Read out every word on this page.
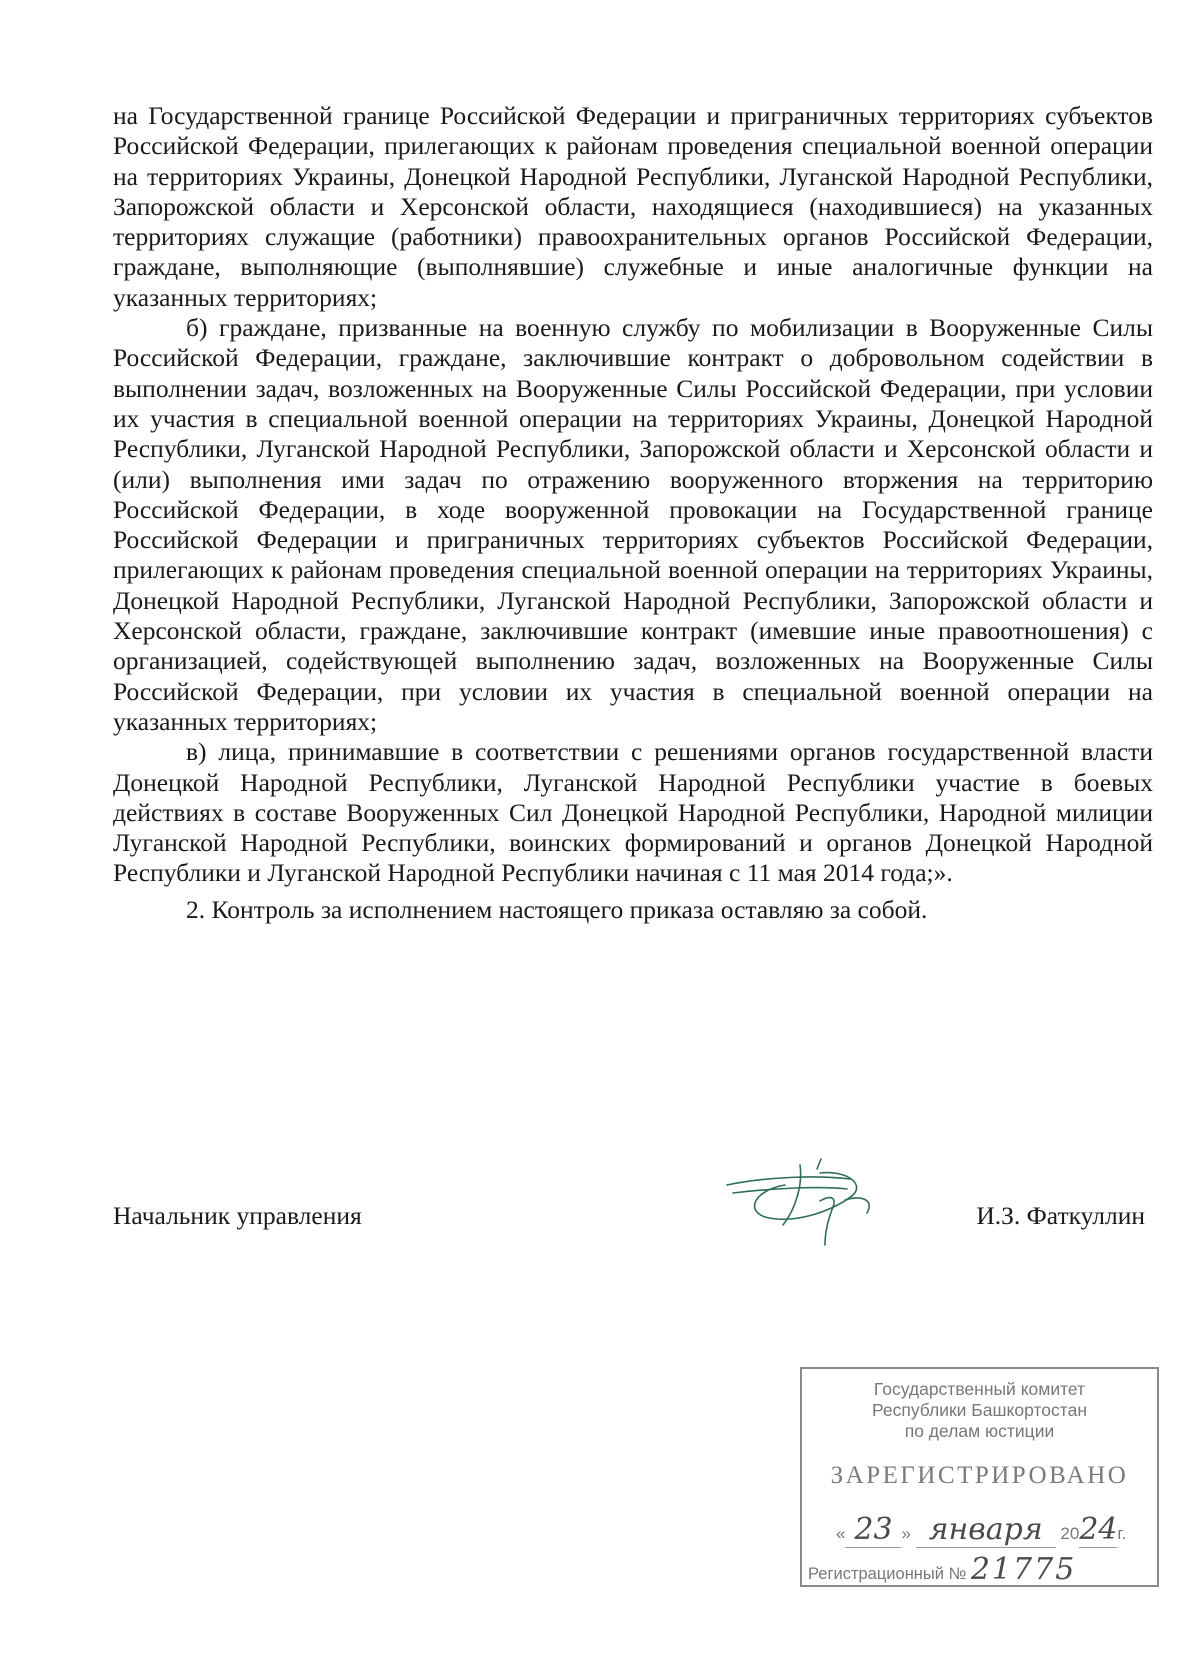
на Государственной границе Российской Федерации и приграничных территориях субъектов Российской Федерации, прилегающих к районам проведения специальной военной операции на территориях Украины, Донецкой Народной Республики, Луганской Народной Республики, Запорожской области и Херсонской области, находящиеся (находившиеся) на указанных территориях служащие (работники) правоохранительных органов Российской Федерации, граждане, выполняющие (выполнявшие) служебные и иные аналогичные функции на указанных территориях;

б) граждане, призванные на военную службу по мобилизации в Вооруженные Силы Российской Федерации, граждане, заключившие контракт о добровольном содействии в выполнении задач, возложенных на Вооруженные Силы Российской Федерации, при условии их участия в специальной военной операции на территориях Украины, Донецкой Народной Республики, Луганской Народной Республики, Запорожской области и Херсонской области и (или) выполнения ими задач по отражению вооруженного вторжения на территорию Российской Федерации, в ходе вооруженной провокации на Государственной границе Российской Федерации и приграничных территориях субъектов Российской Федерации, прилегающих к районам проведения специальной военной операции на территориях Украины, Донецкой Народной Республики, Луганской Народной Республики, Запорожской области и Херсонской области, граждане, заключившие контракт (имевшие иные правоотношения) с организацией, содействующей выполнению задач, возложенных на Вооруженные Силы Российской Федерации, при условии их участия в специальной военной операции на указанных территориях;

в) лица, принимавшие в соответствии с решениями органов государственной власти Донецкой Народной Республики, Луганской Народной Республики участие в боевых действиях в составе Вооруженных Сил Донецкой Народной Республики, Народной милиции Луганской Народной Республики, воинских формирований и органов Донецкой Народной Республики и Луганской Народной Республики начиная с 11 мая 2014 года;».

2. Контроль за исполнением настоящего приказа оставляю за собой.

Начальник управления	И.З. Фаткуллин
Государственный комитет
Республики Башкортостан
по делам юстиции
ЗАРЕГИСТРИРОВАНО
« 23 » января 2024г.
Регистрационный № 21775
